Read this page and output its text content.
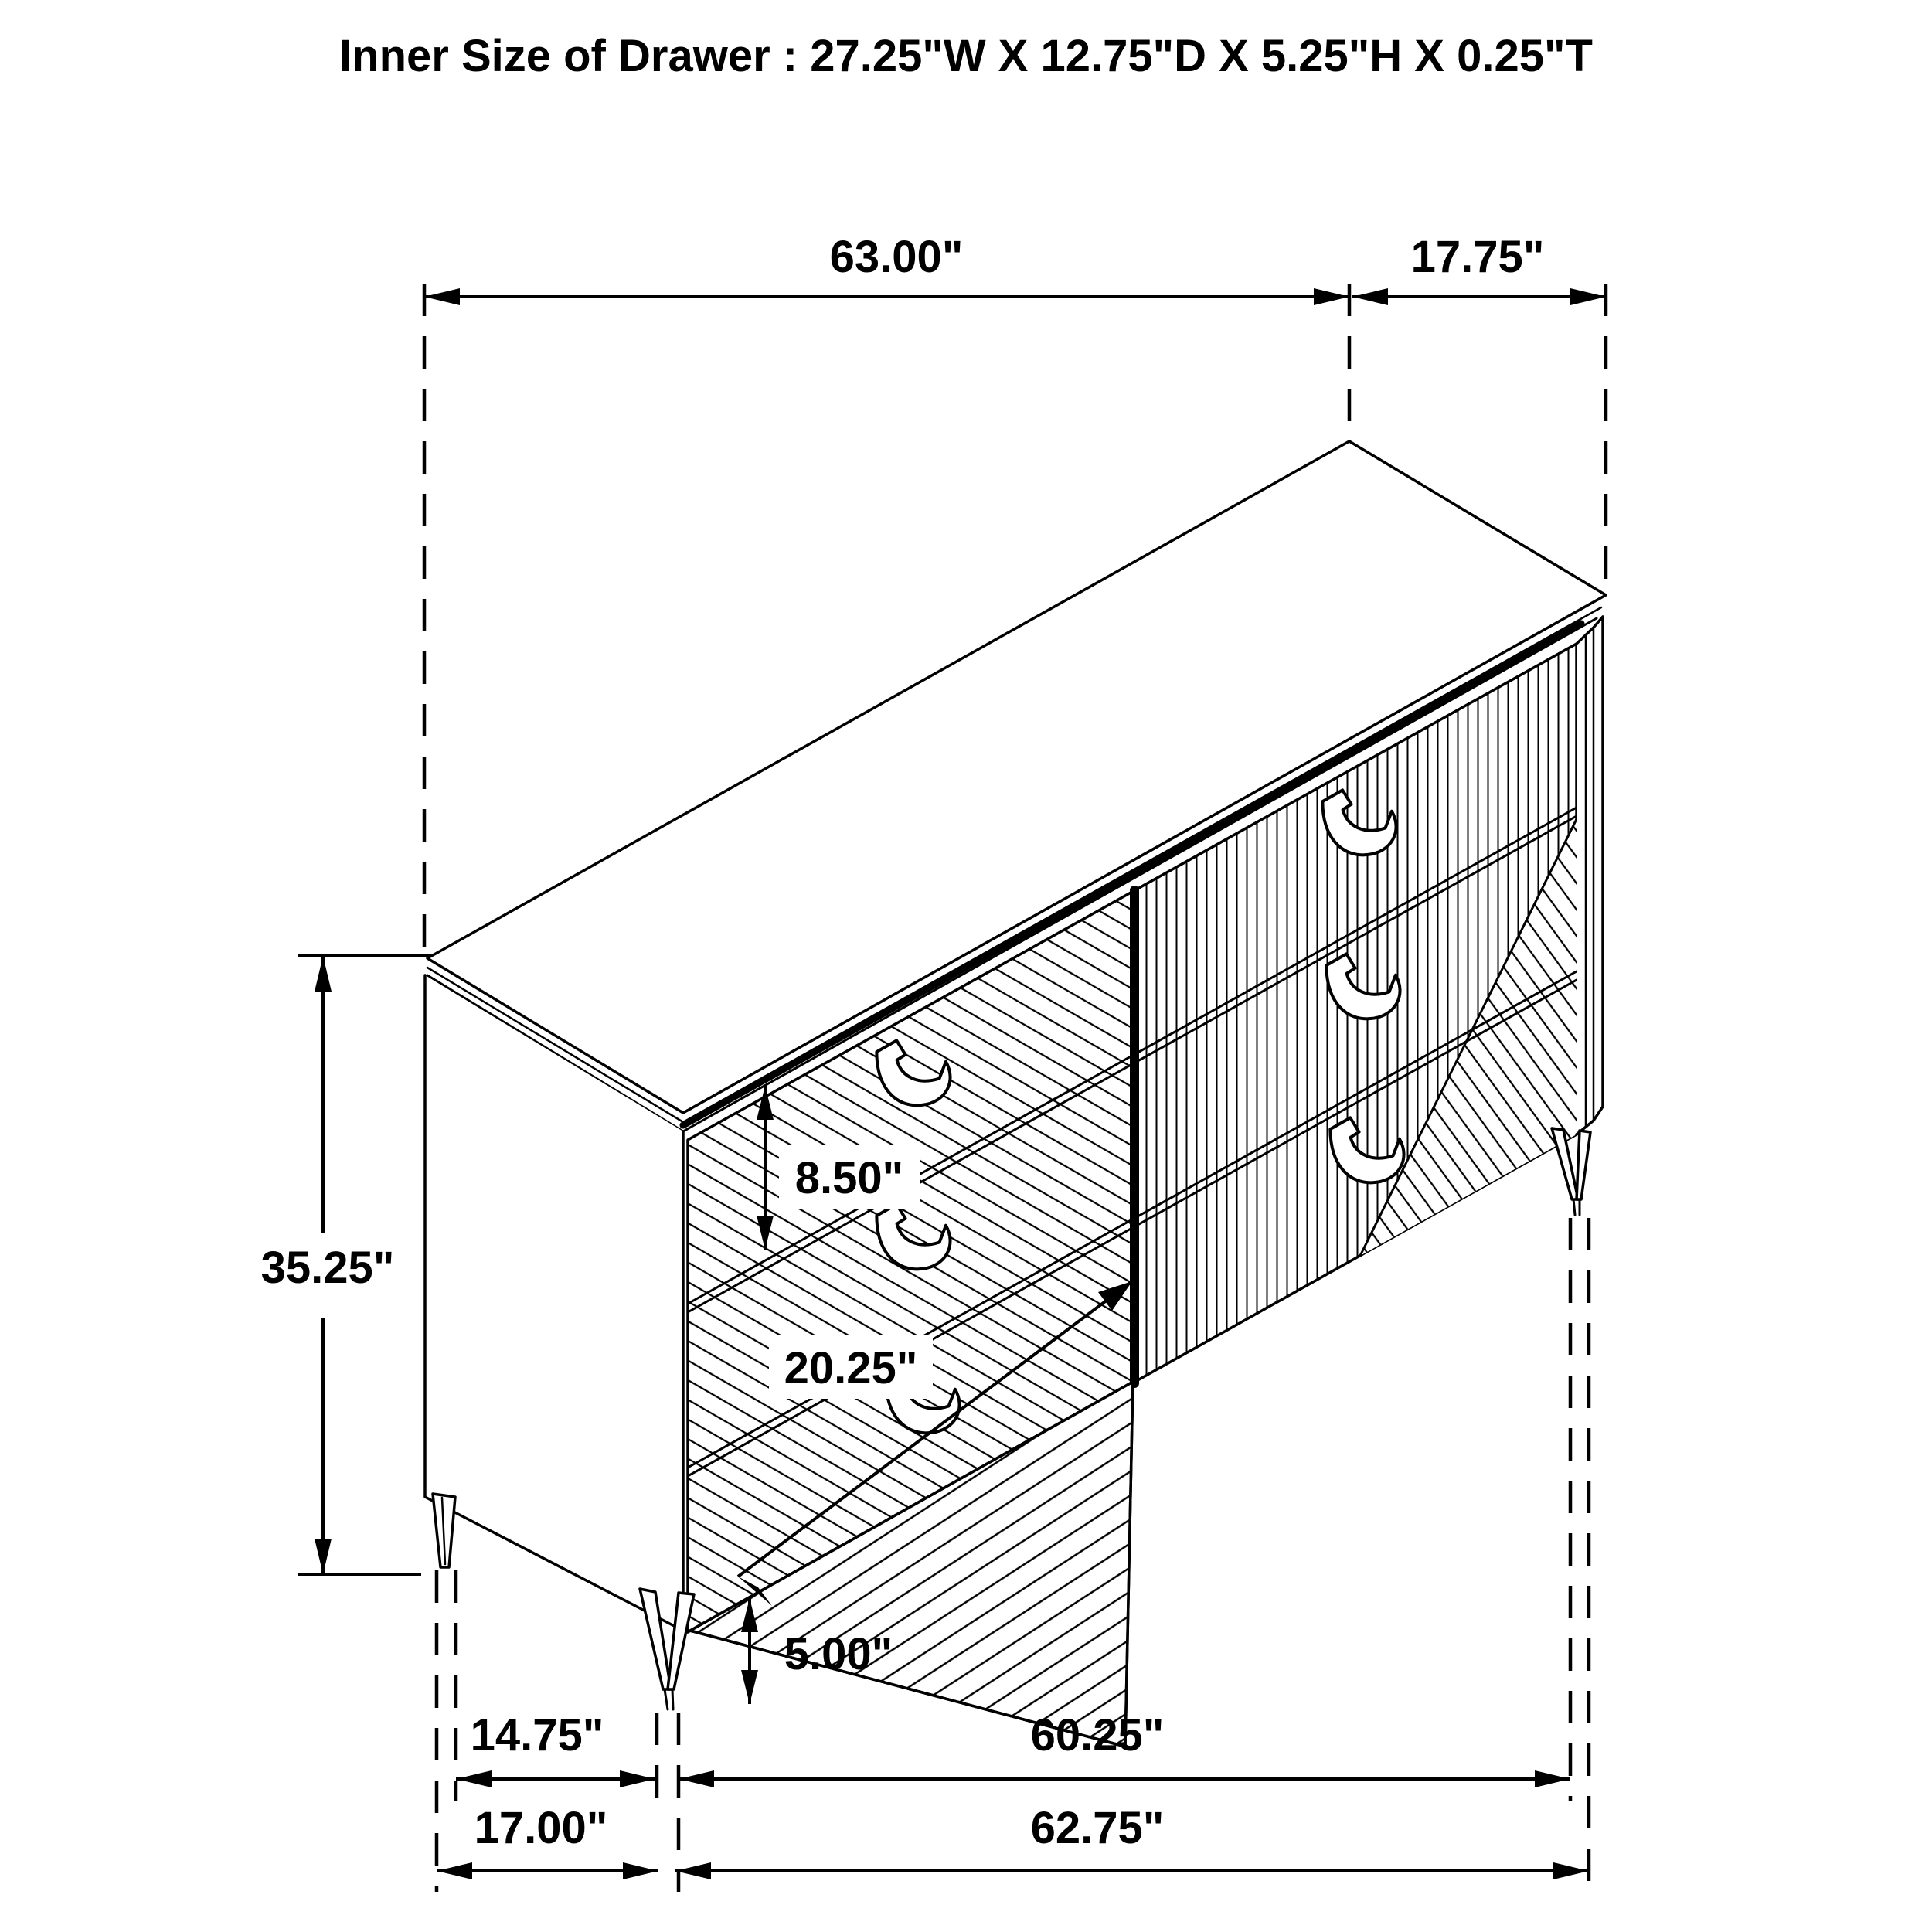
Inner Size of Drawer : 27.25"W X 12.75"D X 5.25"H X 0.25"T
63.00"	17.75"
35.25"
8.50"
20.25"
5.00"
14.75"	60.25"
17.00"	62.75"
